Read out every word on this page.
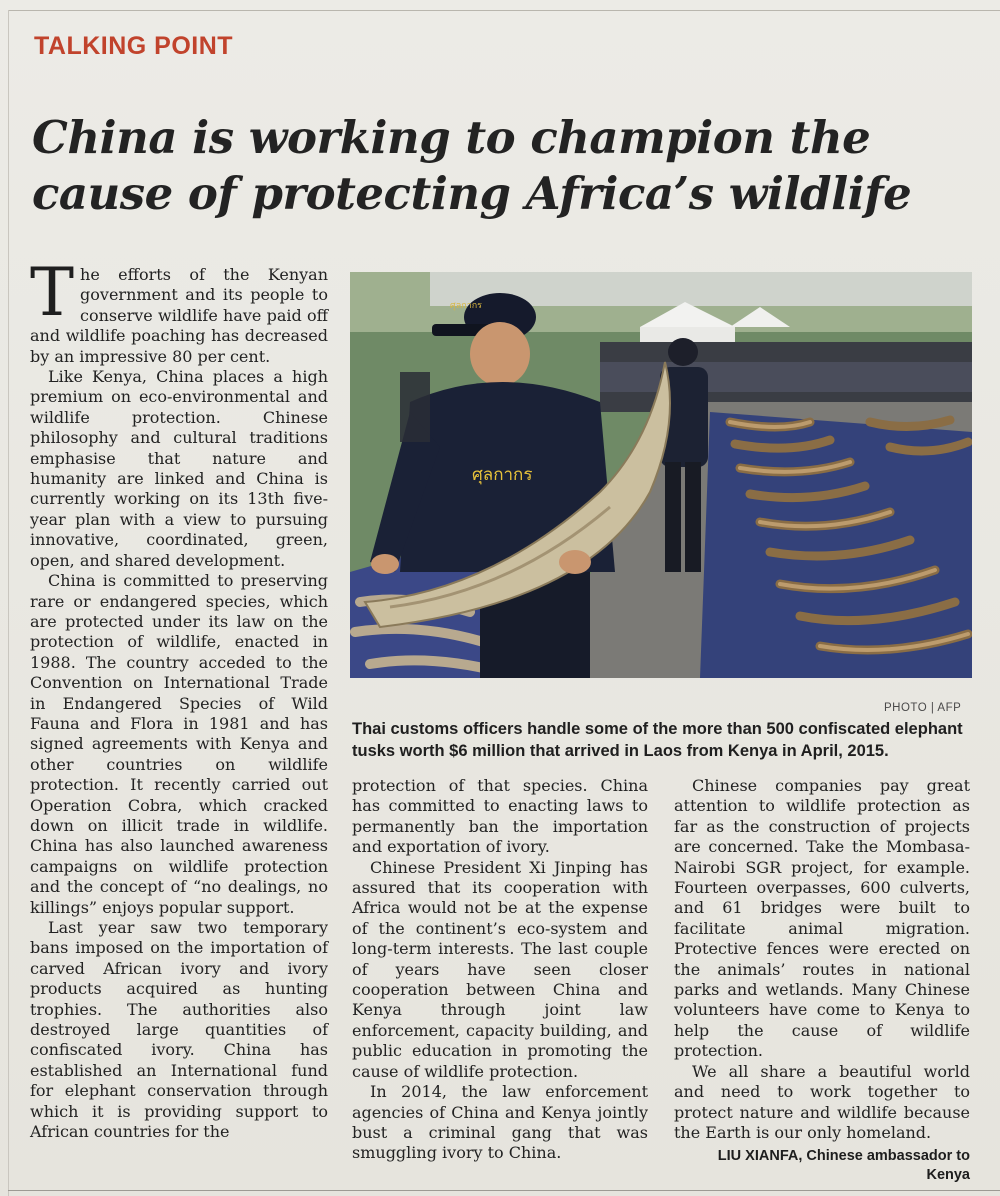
TALKING POINT
China is working to champion the
cause of protecting Africa’s wildlife

The efforts of the Kenyan government and its people to conserve wildlife have paid off and wildlife poaching has decreased by an impressive 80 per cent.

Like Kenya, China places a high premium on eco-environmental and wildlife protection. Chinese philosophy and cultural traditions emphasise that nature and humanity are linked and China is currently working on its 13th five-year plan with a view to pursuing innovative, coordinated, green, open, and shared development.

China is committed to preserving rare or endangered species, which are protected under its law on the protection of wildlife, enacted in 1988. The country acceded to the Convention on International Trade in Endangered Species of Wild Fauna and Flora in 1981 and has signed agreements with Kenya and other countries on wildlife protection. It recently carried out Operation Cobra, which cracked down on illicit trade in wildlife. China has also launched awareness campaigns on wildlife protection and the concept of “no dealings, no killings” enjoys popular support.

Last year saw two temporary bans imposed on the importation of carved African ivory and ivory products acquired as hunting trophies. The authorities also destroyed large quantities of confiscated ivory. China has established an International fund for elephant conservation through which it is providing support to African countries for the

ศุลกากร
ศุลกากร
PHOTO | AFP
Thai customs officers handle some of the more than 500 confiscated elephant tusks worth $6 million that arrived in Laos from Kenya in April, 2015.

protection of that species. China has committed to enacting laws to permanently ban the importation and exportation of ivory.

Chinese President Xi Jinping has assured that its cooperation with Africa would not be at the expense of the continent’s eco-system and long-term interests. The last couple of years have seen closer cooperation between China and Kenya through joint law enforcement, capacity building, and public education in promoting the cause of wildlife protection.

In 2014, the law enforcement agencies of China and Kenya jointly bust a criminal gang that was smuggling ivory to China.

Chinese companies pay great attention to wildlife protection as far as the construction of projects are concerned. Take the Mombasa-Nairobi SGR project, for example. Fourteen overpasses, 600 culverts, and 61 bridges were built to facilitate animal migration. Protective fences were erected on the animals’ routes in national parks and wetlands. Many Chinese volunteers have come to Kenya to help the cause of wildlife protection.

We all share a beautiful world and need to work together to protect nature and wildlife because the Earth is our only homeland.

LIU XIANFA, Chinese ambassador to Kenya
